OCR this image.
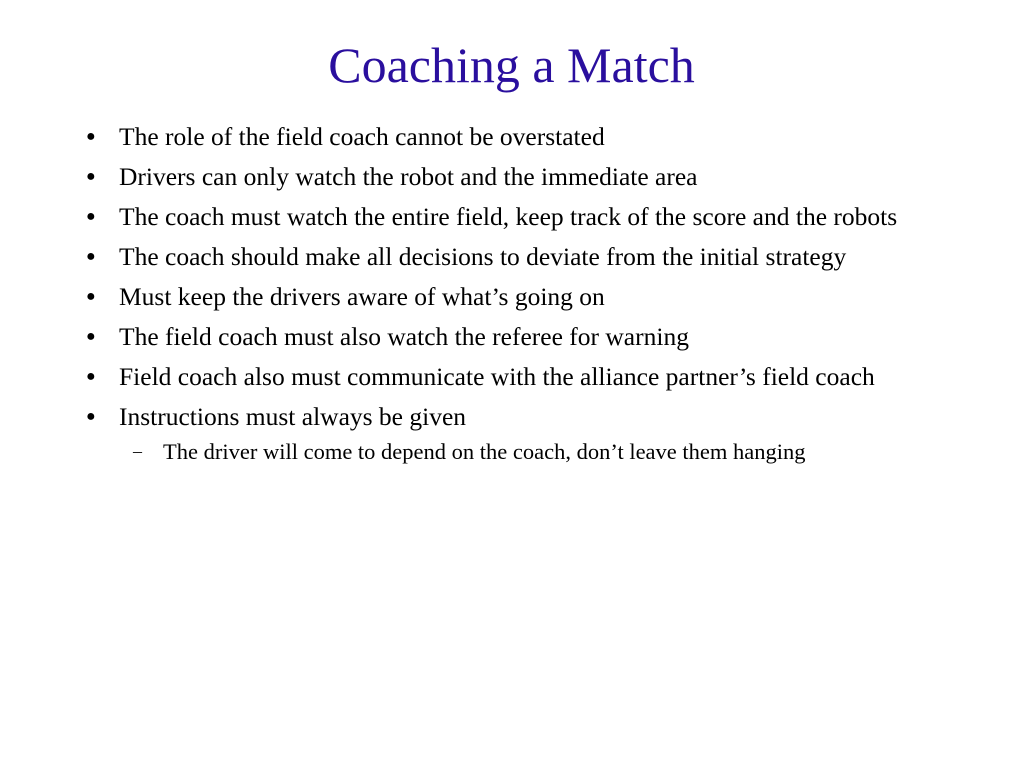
Coaching a Match
● The role of the field coach cannot be overstated
● Drivers can only watch the robot and the immediate area
● The coach must watch the entire field, keep track of the score and the robots
● The coach should make all decisions to deviate from the initial strategy
● Must keep the drivers aware of what’s going on
● The field coach must also watch the referee for warning
● Field coach also must communicate with the alliance partner’s field coach
● Instructions must always be given
– The driver will come to depend on the coach, don’t leave them hanging
